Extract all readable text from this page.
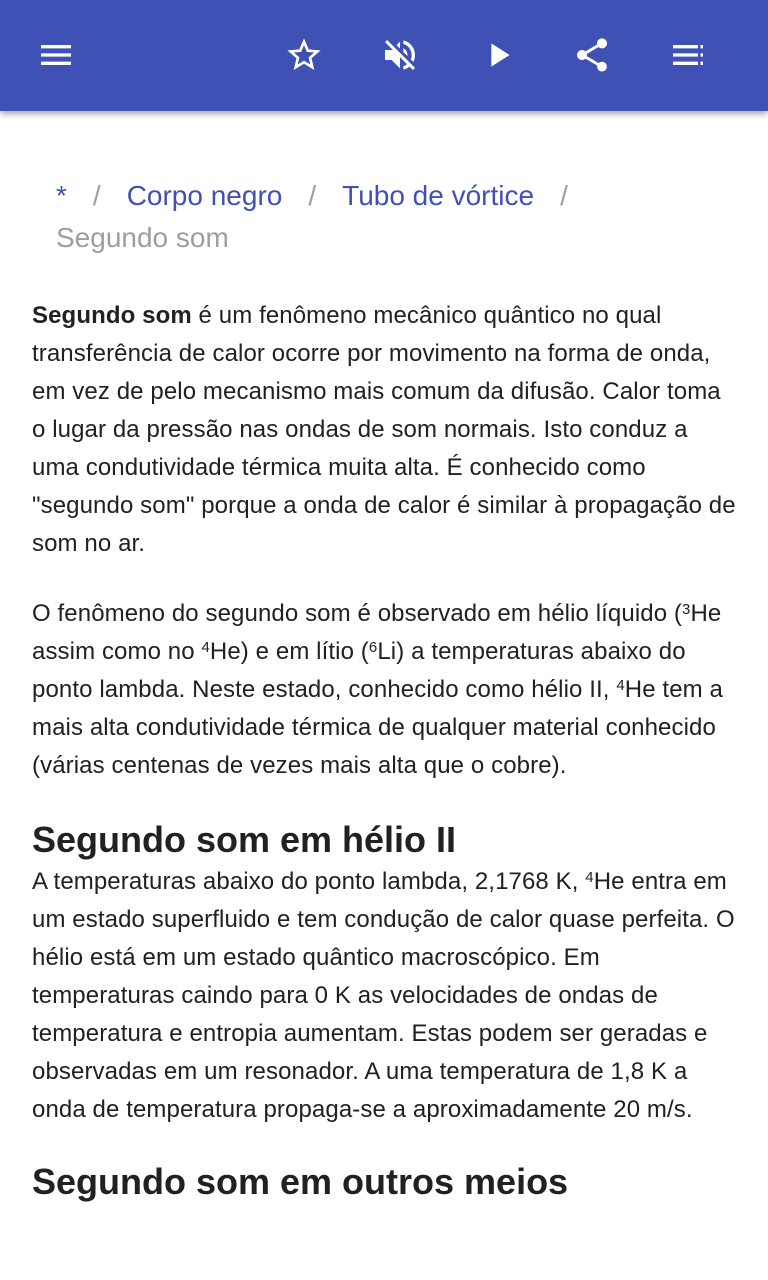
* / Corpo negro / Tubo de vórtice /
Segundo som

Segundo som é um fenômeno mecânico quântico no qual transferência de calor ocorre por movimento na forma de onda, em vez de pelo mecanismo mais comum da difusão. Calor toma o lugar da pressão nas ondas de som normais. Isto conduz a uma condutividade térmica muita alta. É conhecido como "segundo som" porque a onda de calor é similar à propagação de som no ar.

O fenômeno do segundo som é observado em hélio líquido ($^3$He assim como no $^4$He) e em lítio ($^6$Li) a temperaturas abaixo do ponto lambda. Neste estado, conhecido como hélio II, $^4$He tem a mais alta condutividade térmica de qualquer material conhecido (várias centenas de vezes mais alta que o cobre).

Segundo som em hélio II

A temperaturas abaixo do ponto lambda, 2,1768 K, $^4$He entra em um estado superfluido e tem condução de calor quase perfeita. O hélio está em um estado quântico macroscópico. Em temperaturas caindo para 0 K as velocidades de ondas de temperatura e entropia aumentam. Estas podem ser geradas e observadas em um resonador. A uma temperatura de 1,8 K a onda de temperatura propaga-se a aproximadamente 20 m/s.

Segundo som em outros meios
